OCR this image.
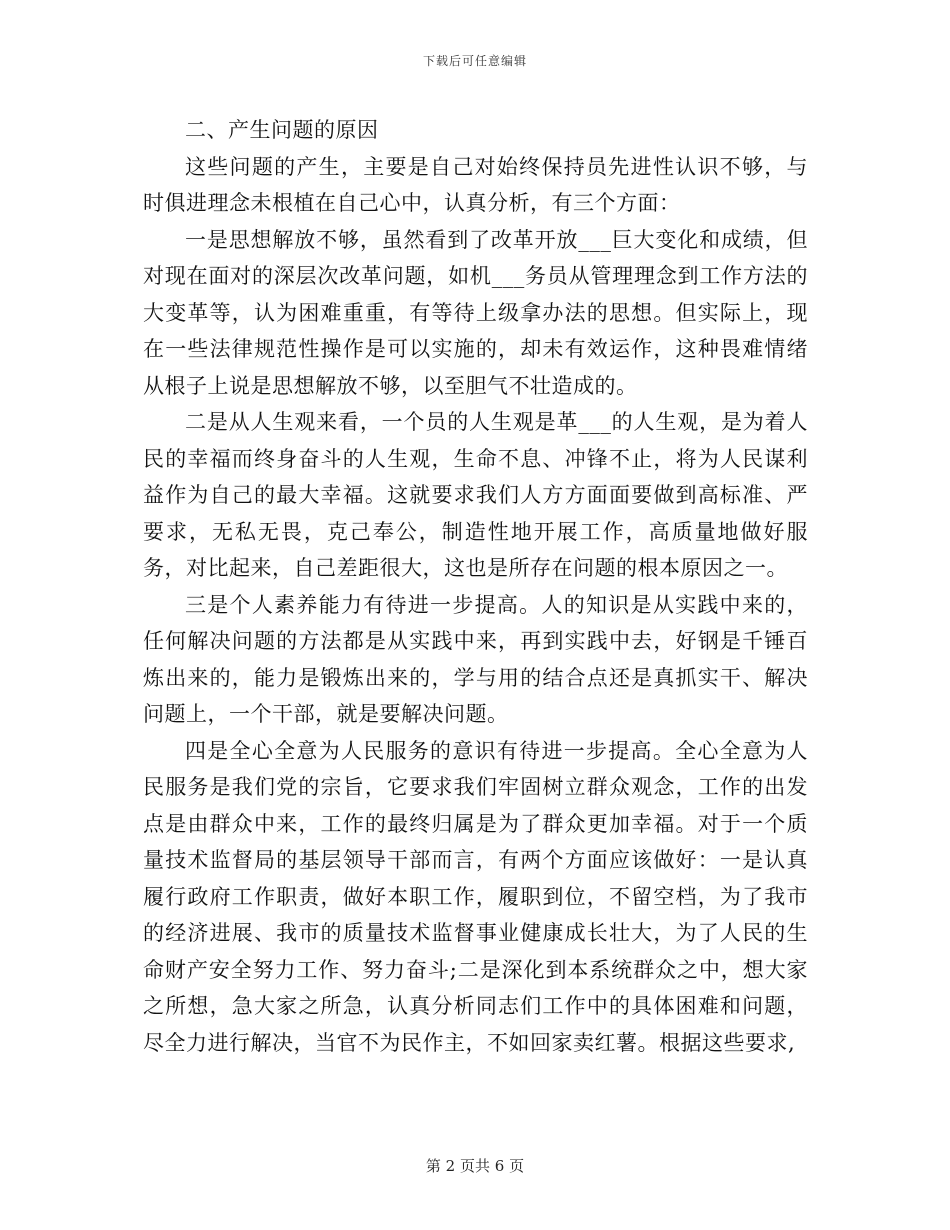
下载后可任意编辑

二、产生问题的原因

这些问题的产生，主要是自己对始终保持员先进性认识不够，与时俱进理念未根植在自己心中，认真分析，有三个方面：

一是思想解放不够，虽然看到了改革开放___巨大变化和成绩，但对现在面对的深层次改革问题，如机___务员从管理理念到工作方法的大变革等，认为困难重重，有等待上级拿办法的思想。但实际上，现在一些法律规范性操作是可以实施的，却未有效运作，这种畏难情绪从根子上说是思想解放不够，以至胆气不壮造成的。

二是从人生观来看，一个员的人生观是革___的人生观，是为着人民的幸福而终身奋斗的人生观，生命不息、冲锋不止，将为人民谋利益作为自己的最大幸福。这就要求我们人方方面面要做到高标准、严要求，无私无畏，克己奉公，制造性地开展工作，高质量地做好服务，对比起来，自己差距很大，这也是所存在问题的根本原因之一。

三是个人素养能力有待进一步提高。人的知识是从实践中来的，任何解决问题的方法都是从实践中来，再到实践中去，好钢是千锤百炼出来的，能力是锻炼出来的，学与用的结合点还是真抓实干、解决问题上，一个干部，就是要解决问题。

四是全心全意为人民服务的意识有待进一步提高。全心全意为人民服务是我们党的宗旨，它要求我们牢固树立群众观念，工作的出发点是由群众中来，工作的最终归属是为了群众更加幸福。对于一个质量技术监督局的基层领导干部而言，有两个方面应该做好：一是认真履行政府工作职责，做好本职工作，履职到位，不留空档，为了我市的经济进展、我市的质量技术监督事业健康成长壮大，为了人民的生命财产安全努力工作、努力奋斗;二是深化到本系统群众之中，想大家之所想，急大家之所急，认真分析同志们工作中的具体困难和问题，尽全力进行解决，当官不为民作主，不如回家卖红薯。根据这些要求,

第 2 页共 6 页
